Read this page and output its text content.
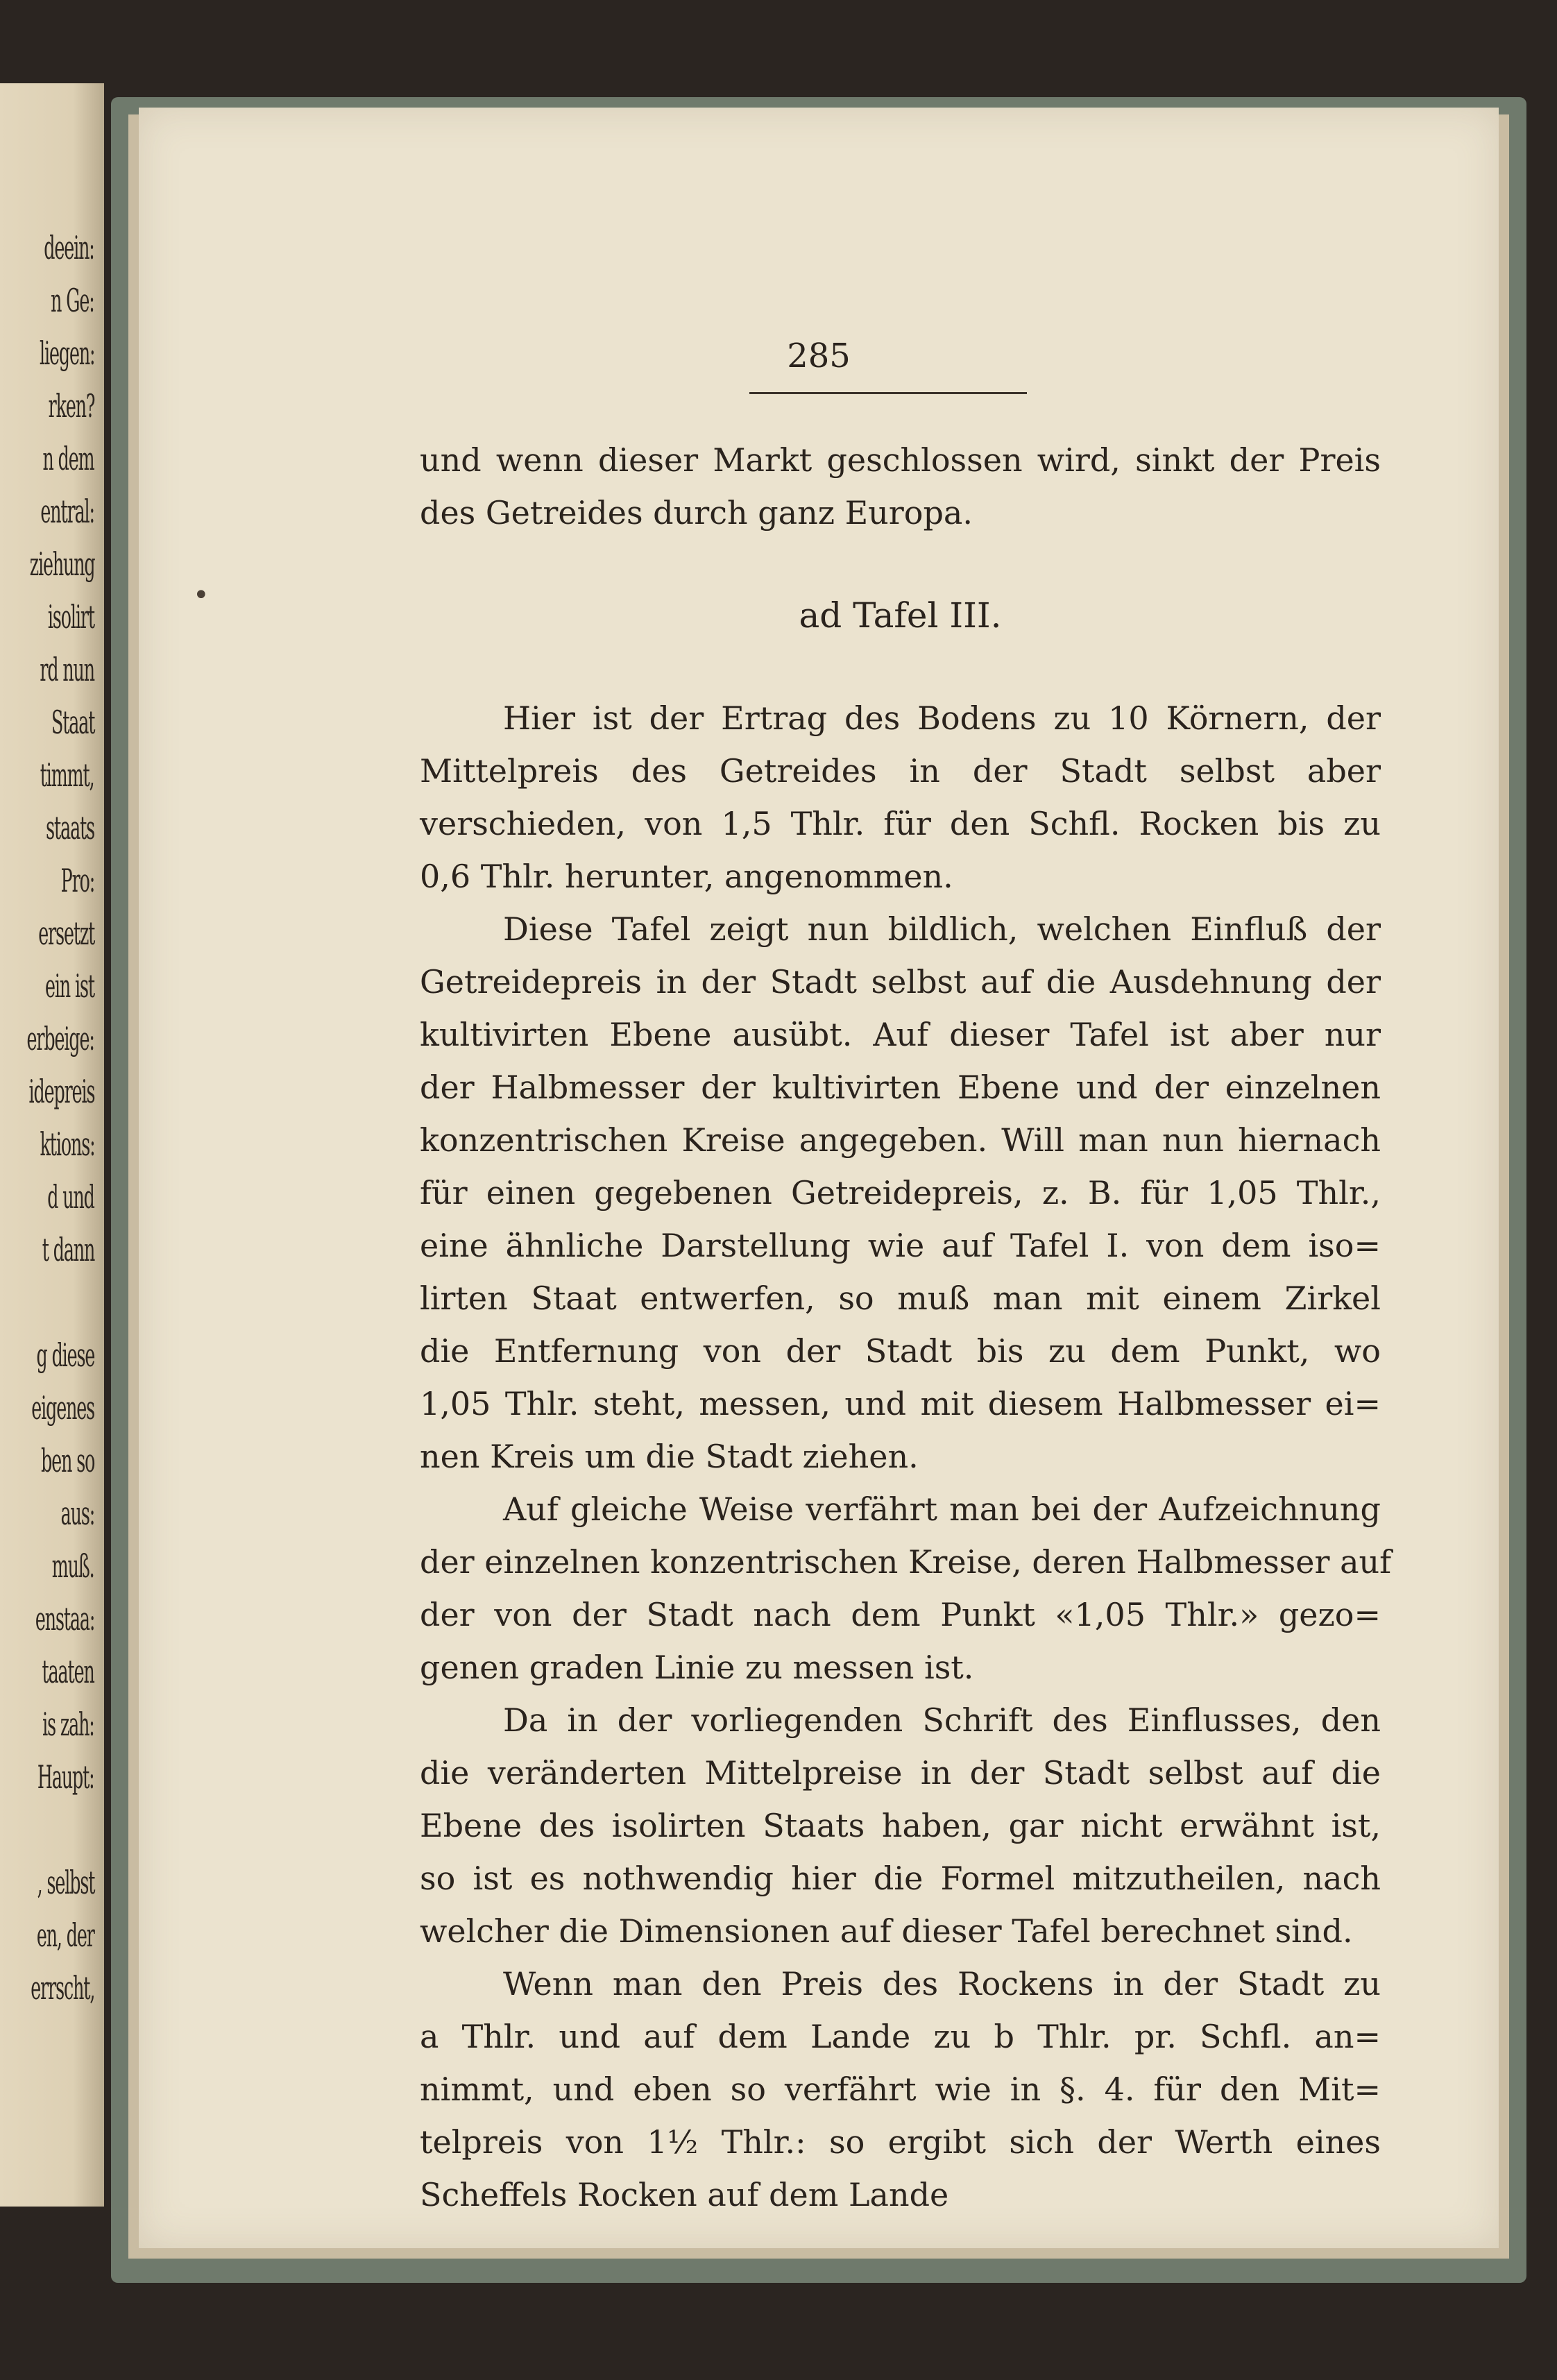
deein:
n Ge:
liegen:
rken?
n dem
entral:
ziehung
isolirt
rd nun
Staat
timmt,
staats
Pro:
ersetzt
ein ist
erbeige:
idepreis
ktions:
d und
t dann
g diese
eigenes
ben so
aus:
muß.
enstaa:
taaten
is zah:
Haupt:
, selbst
en, der
errscht,
285
•
und wenn dieser Markt geschlossen wird, sinkt der Preis
des Getreides durch ganz Europa.
ad Tafel III.
Hier ist der Ertrag des Bodens zu 10 Körnern, der
Mittelpreis des Getreides in der Stadt selbst aber
verschieden, von 1,5 Thlr. für den Schfl. Rocken bis zu
0,6 Thlr. herunter, angenommen.
Diese Tafel zeigt nun bildlich, welchen Einfluß der
Getreidepreis in der Stadt selbst auf die Ausdehnung der
kultivirten Ebene ausübt. Auf dieser Tafel ist aber nur
der Halbmesser der kultivirten Ebene und der einzelnen
konzentrischen Kreise angegeben. Will man nun hiernach
für einen gegebenen Getreidepreis, z. B. für 1,05 Thlr.,
eine ähnliche Darstellung wie auf Tafel I. von dem iso=
lirten Staat entwerfen, so muß man mit einem Zirkel
die Entfernung von der Stadt bis zu dem Punkt, wo
1,05 Thlr. steht, messen, und mit diesem Halbmesser ei=
nen Kreis um die Stadt ziehen.
Auf gleiche Weise verfährt man bei der Aufzeichnung
der einzelnen konzentrischen Kreise, deren Halbmesser auf
der von der Stadt nach dem Punkt «1,05 Thlr.» gezo=
genen graden Linie zu messen ist.
Da in der vorliegenden Schrift des Einflusses, den
die veränderten Mittelpreise in der Stadt selbst auf die
Ebene des isolirten Staats haben, gar nicht erwähnt ist,
so ist es nothwendig hier die Formel mitzutheilen, nach
welcher die Dimensionen auf dieser Tafel berechnet sind.
Wenn man den Preis des Rockens in der Stadt zu
a Thlr. und auf dem Lande zu b Thlr. pr. Schfl. an=
nimmt, und eben so verfährt wie in §. 4. für den Mit=
telpreis von 1½ Thlr.: so ergibt sich der Werth eines
Scheffels Rocken auf dem Lande
